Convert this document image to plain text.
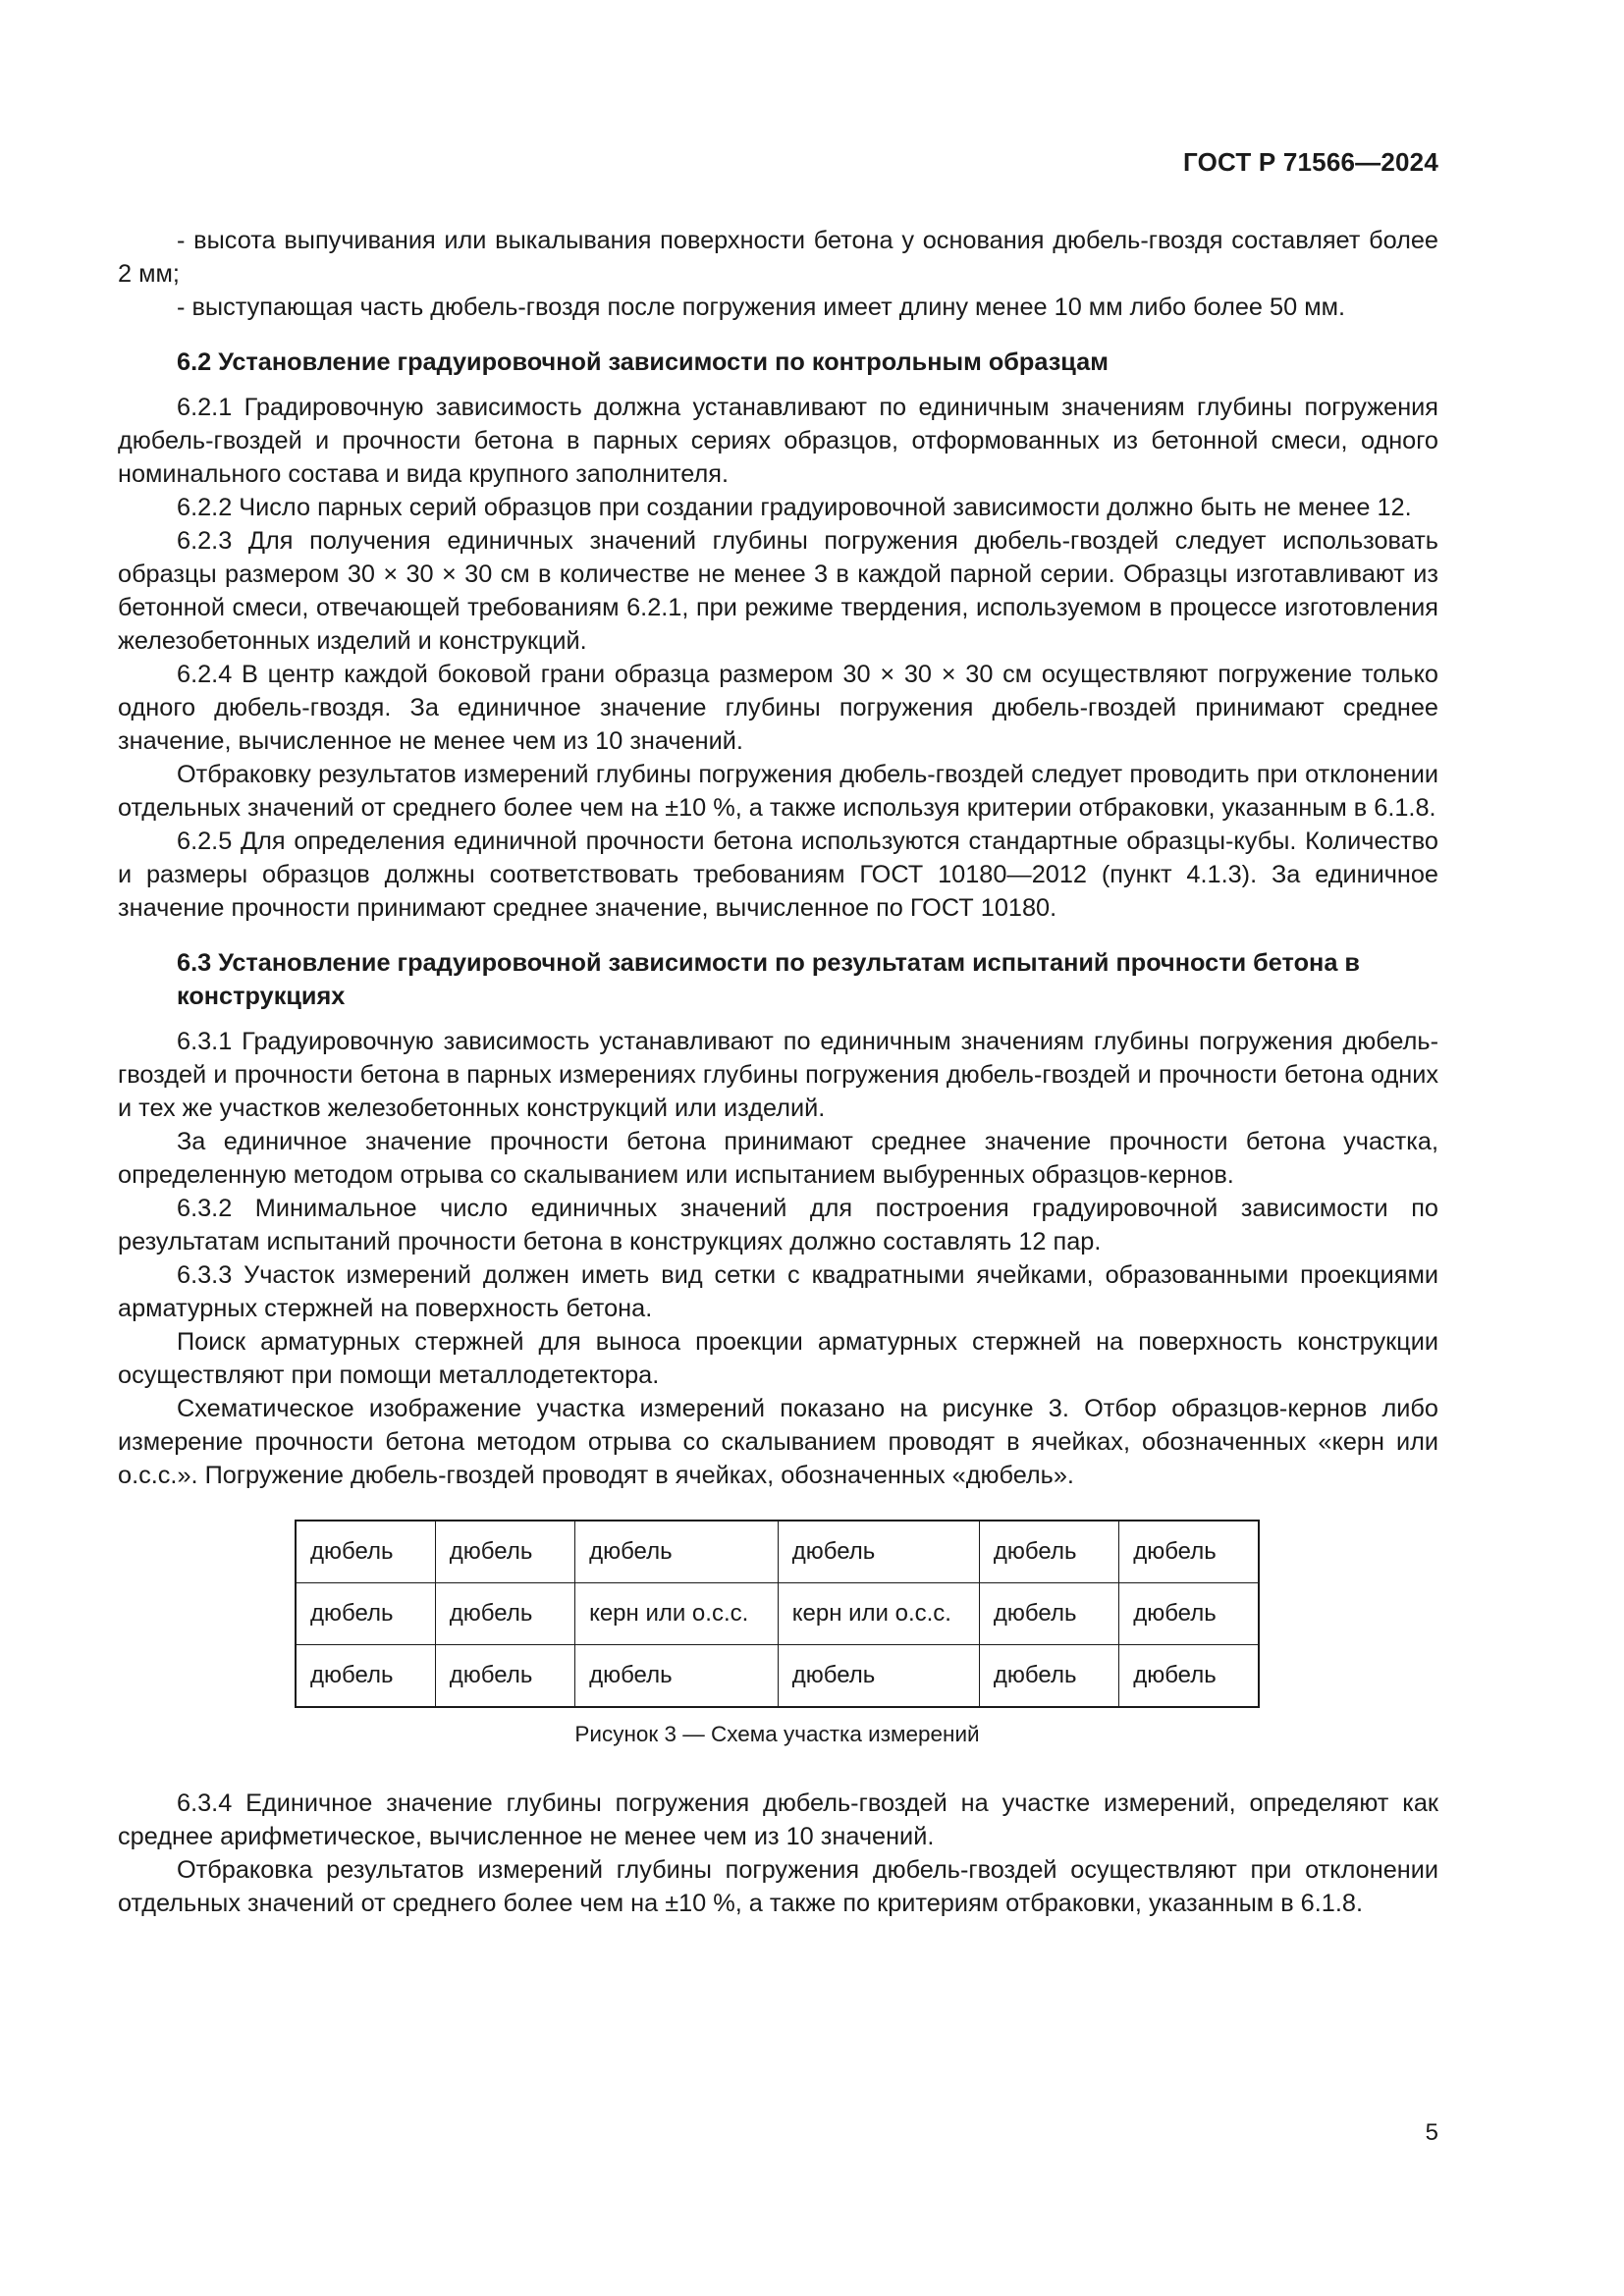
ГОСТ Р 71566—2024

- высота выпучивания или выкалывания поверхности бетона у основания дюбель-гвоздя составляет более 2 мм;

- выступающая часть дюбель-гвоздя после погружения имеет длину менее 10 мм либо более 50 мм.

6.2 Установление градуировочной зависимости по контрольным образцам

6.2.1 Градировочную зависимость должна устанавливают по единичным значениям глубины погружения дюбель-гвоздей и прочности бетона в парных сериях образцов, отформованных из бетонной смеси, одного номинального состава и вида крупного заполнителя.

6.2.2 Число парных серий образцов при создании градуировочной зависимости должно быть не менее 12.

6.2.3 Для получения единичных значений глубины погружения дюбель-гвоздей следует использовать образцы размером 30 × 30 × 30 см в количестве не менее 3 в каждой парной серии. Образцы изготавливают из бетонной смеси, отвечающей требованиям 6.2.1, при режиме твердения, используемом в процессе изготовления железобетонных изделий и конструкций.

6.2.4 В центр каждой боковой грани образца размером 30 × 30 × 30 см осуществляют погружение только одного дюбель-гвоздя. За единичное значение глубины погружения дюбель-гвоздей принимают среднее значение, вычисленное не менее чем из 10 значений.

Отбраковку результатов измерений глубины погружения дюбель-гвоздей следует проводить при отклонении отдельных значений от среднего более чем на ±10 %, а также используя критерии отбраковки, указанным в 6.1.8.

6.2.5 Для определения единичной прочности бетона используются стандартные образцы-кубы. Количество и размеры образцов должны соответствовать требованиям ГОСТ 10180—2012 (пункт 4.1.3). За единичное значение прочности принимают среднее значение, вычисленное по ГОСТ 10180.

6.3 Установление градуировочной зависимости по результатам испытаний прочности бетона в конструкциях

6.3.1 Градуировочную зависимость устанавливают по единичным значениям глубины погружения дюбель-гвоздей и прочности бетона в парных измерениях глубины погружения дюбель-гвоздей и прочности бетона одних и тех же участков железобетонных конструкций или изделий.

За единичное значение прочности бетона принимают среднее значение прочности бетона участка, определенную методом отрыва со скалыванием или испытанием выбуренных образцов-кернов.

6.3.2 Минимальное число единичных значений для построения градуировочной зависимости по результатам испытаний прочности бетона в конструкциях должно составлять 12 пар.

6.3.3 Участок измерений должен иметь вид сетки с квадратными ячейками, образованными проекциями арматурных стержней на поверхность бетона.

Поиск арматурных стержней для выноса проекции арматурных стержней на поверхность конструкции осуществляют при помощи металлодетектора.

Схематическое изображение участка измерений показано на рисунке 3. Отбор образцов-кернов либо измерение прочности бетона методом отрыва со скалыванием проводят в ячейках, обозначенных «керн или о.с.с.». Погружение дюбель-гвоздей проводят в ячейках, обозначенных «дюбель».

дюбель	дюбель	дюбель	дюбель	дюбель	дюбель
дюбель	дюбель	керн или о.с.с.	керн или о.с.с.	дюбель	дюбель
дюбель	дюбель	дюбель	дюбель	дюбель	дюбель
Рисунок 3 — Схема участка измерений

6.3.4 Единичное значение глубины погружения дюбель-гвоздей на участке измерений, определяют как среднее арифметическое, вычисленное не менее чем из 10 значений.

Отбраковка результатов измерений глубины погружения дюбель-гвоздей осуществляют при отклонении отдельных значений от среднего более чем на ±10 %, а также по критериям отбраковки, указанным в 6.1.8.

5
